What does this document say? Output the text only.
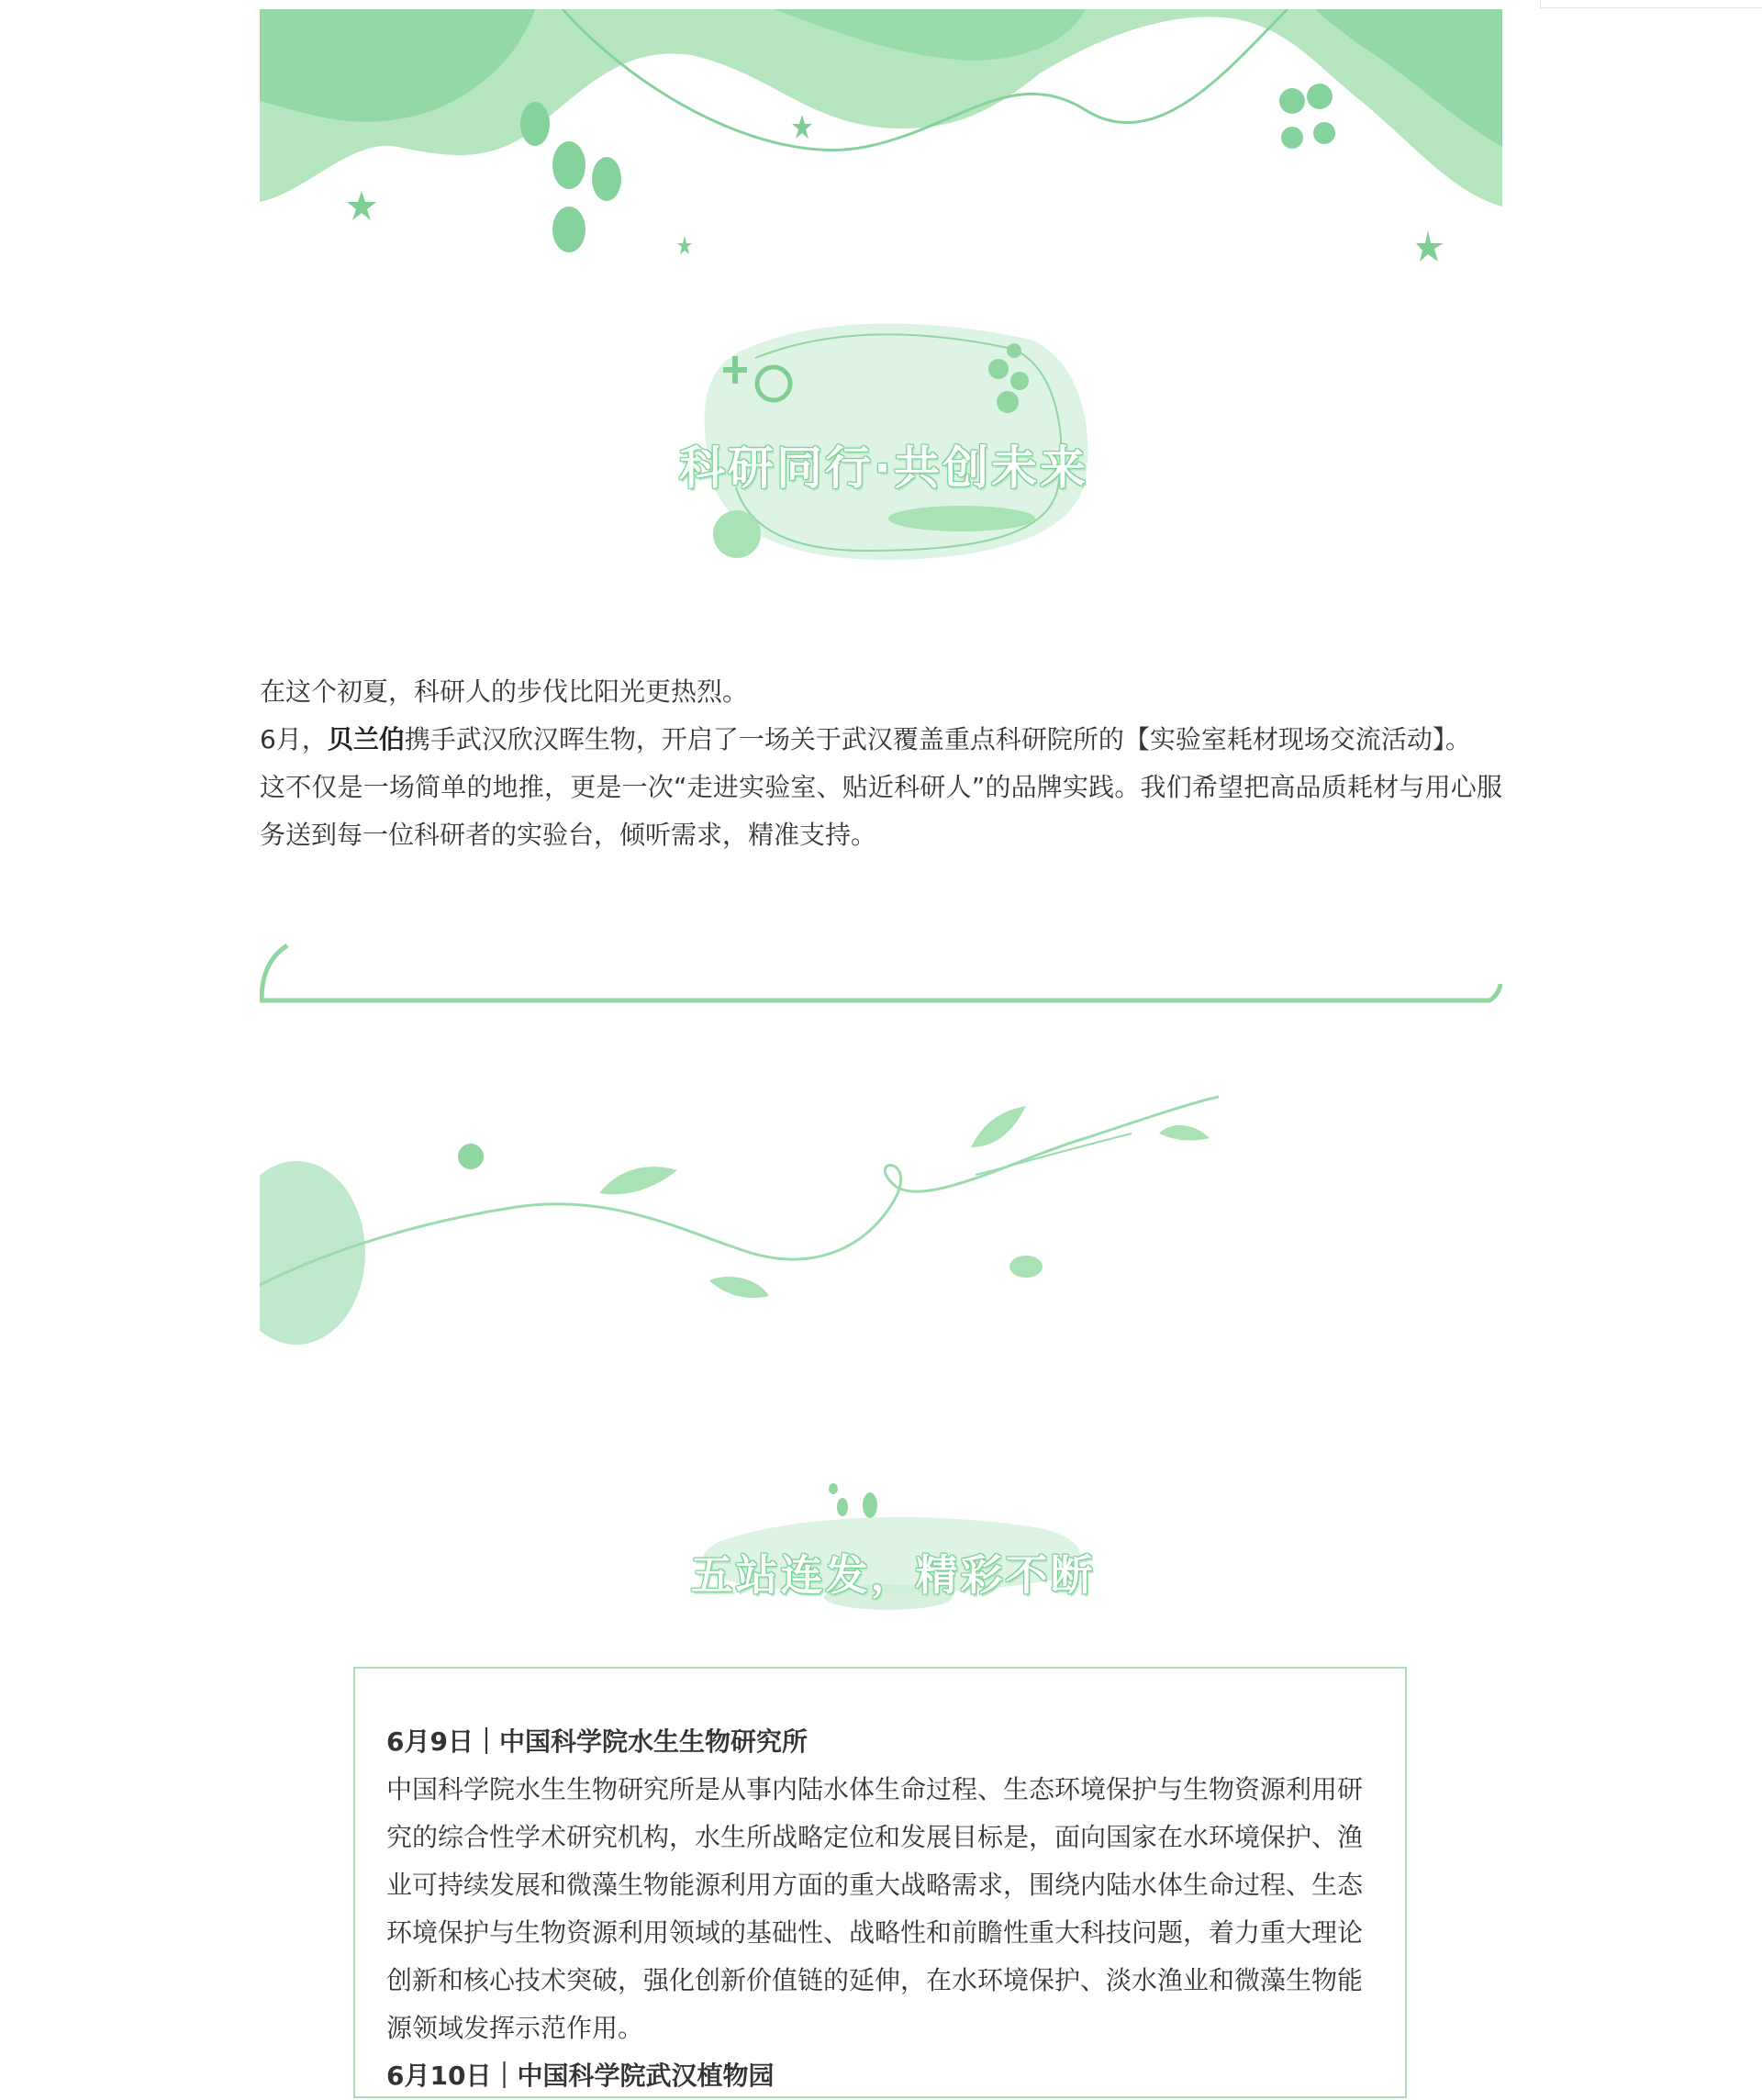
科研同行·共创未来

在这个初夏，科研人的步伐比阳光更热烈。

6月，贝兰伯携手武汉欣汉晖生物，开启了一场关于武汉覆盖重点科研院所的【实验室耗材现场交流活动】。

这不仅是一场简单的地推，更是一次“走进实验室、贴近科研人”的品牌实践。我们希望把高品质耗材与用心服务送到每一位科研者的实验台，倾听需求，精准支持。

五站连发，精彩不断

6月9日｜中国科学院水生生物研究所

中国科学院水生生物研究所是从事内陆水体生命过程、生态环境保护与生物资源利用研究的综合性学术研究机构，水生所战略定位和发展目标是，面向国家在水环境保护、渔业可持续发展和微藻生物能源利用方面的重大战略需求，围绕内陆水体生命过程、生态环境保护与生物资源利用领域的基础性、战略性和前瞻性重大科技问题，着力重大理论创新和核心技术突破，强化创新价值链的延伸，在水环境保护、淡水渔业和微藻生物能源领域发挥示范作用。

6月10日｜中国科学院武汉植物园
